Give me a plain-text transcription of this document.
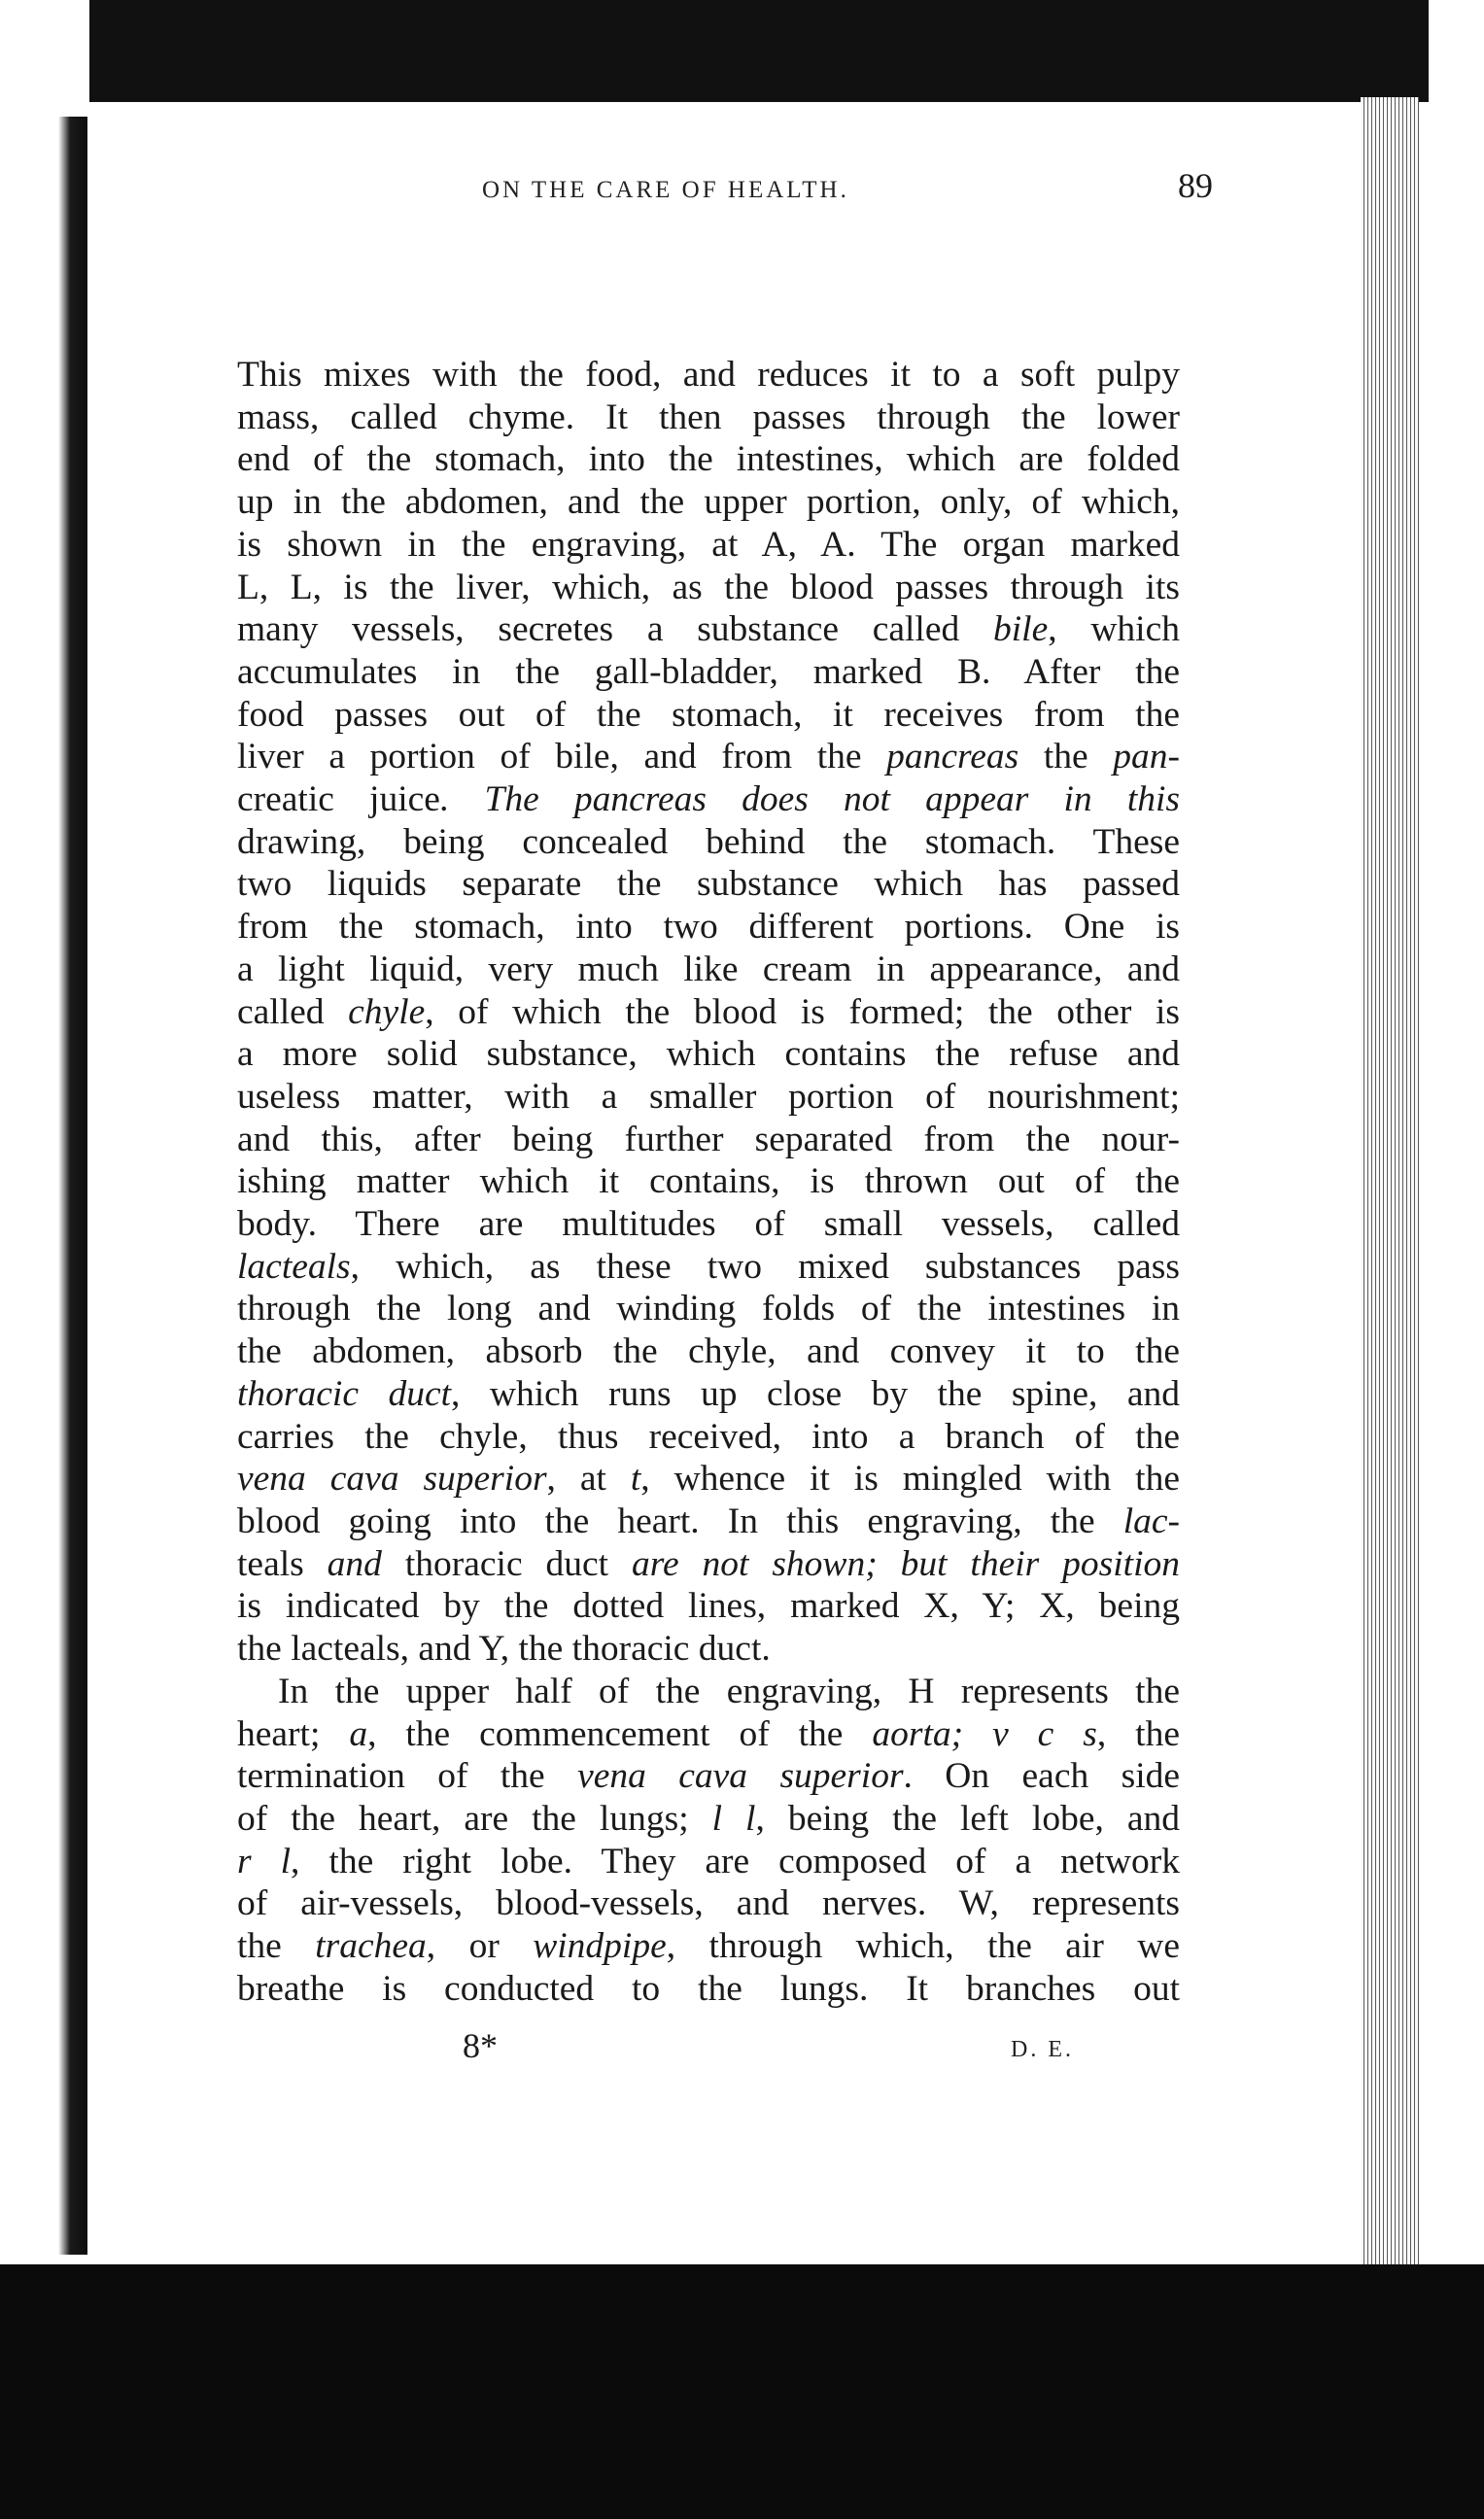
ON THE CARE OF HEALTH.	89
This mixes with the food, and reduces it to a soft pulpy
mass, called chyme. It then passes through the lower
end of the stomach, into the intestines, which are folded
up in the abdomen, and the upper portion, only, of which,
is shown in the engraving, at A, A. The organ marked
L, L, is the liver, which, as the blood passes through its
many vessels, secretes a substance called bile, which
accumulates in the gall-bladder, marked B. After the
food passes out of the stomach, it receives from the
liver a portion of bile, and from the pancreas the pan-
creatic juice. The pancreas does not appear in this
drawing, being concealed behind the stomach. These
two liquids separate the substance which has passed
from the stomach, into two different portions. One is
a light liquid, very much like cream in appearance, and
called chyle, of which the blood is formed; the other is
a more solid substance, which contains the refuse and
useless matter, with a smaller portion of nourishment;
and this, after being further separated from the nour-
ishing matter which it contains, is thrown out of the
body. There are multitudes of small vessels, called
lacteals, which, as these two mixed substances pass
through the long and winding folds of the intestines in
the abdomen, absorb the chyle, and convey it to the
thoracic duct, which runs up close by the spine, and
carries the chyle, thus received, into a branch of the
vena cava superior, at t, whence it is mingled with the
blood going into the heart. In this engraving, the lac-
teals and thoracic duct are not shown; but their position
is indicated by the dotted lines, marked X, Y; X, being
the lacteals, and Y, the thoracic duct.
In the upper half of the engraving, H represents the
heart; a, the commencement of the aorta; v c s, the
termination of the vena cava superior. On each side
of the heart, are the lungs; l l, being the left lobe, and
r l, the right lobe. They are composed of a network
of air-vessels, blood-vessels, and nerves. W, represents
the trachea, or windpipe, through which, the air we
breathe is conducted to the lungs. It branches out
8*	D. E.
